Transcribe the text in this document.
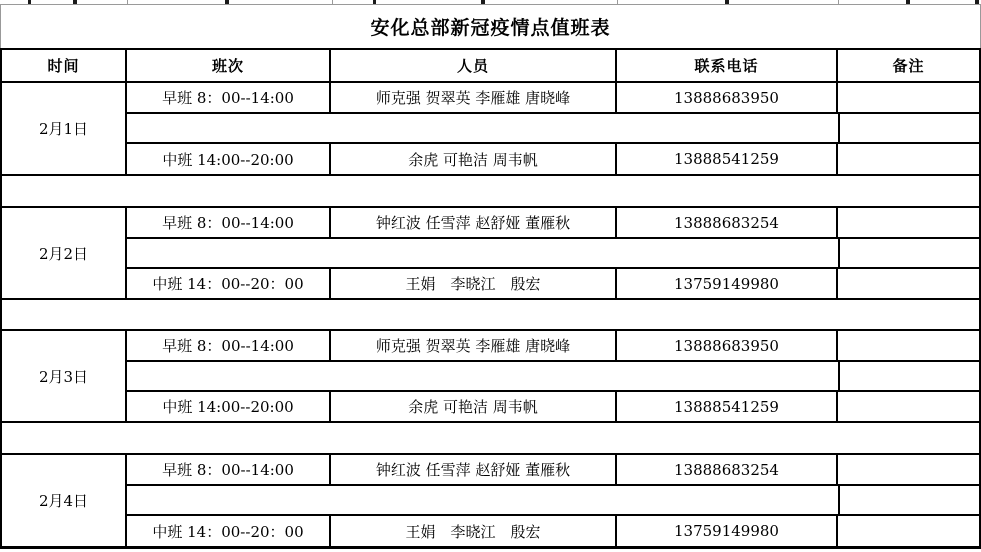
安化总部新冠疫情点值班表
时间	班次	人员	联系电话	备注
2月1日
早班 8：00--14:00	师克强 贺翠英 李雁雄 唐晓峰	13888683950
中班 14:00--20:00	余虎 可艳洁 周韦帆	13888541259
2月2日
早班 8：00--14:00	钟红波 任雪萍 赵舒娅 董雁秋	13888683254
中班 14：00--20：00	王娟　李晓江　殷宏	13759149980
2月3日
早班 8：00--14:00	师克强 贺翠英 李雁雄 唐晓峰	13888683950
中班 14:00--20:00	余虎 可艳洁 周韦帆	13888541259
2月4日
早班 8：00--14:00	钟红波 任雪萍 赵舒娅 董雁秋	13888683254
中班 14：00--20：00	王娟　李晓江　殷宏	13759149980
